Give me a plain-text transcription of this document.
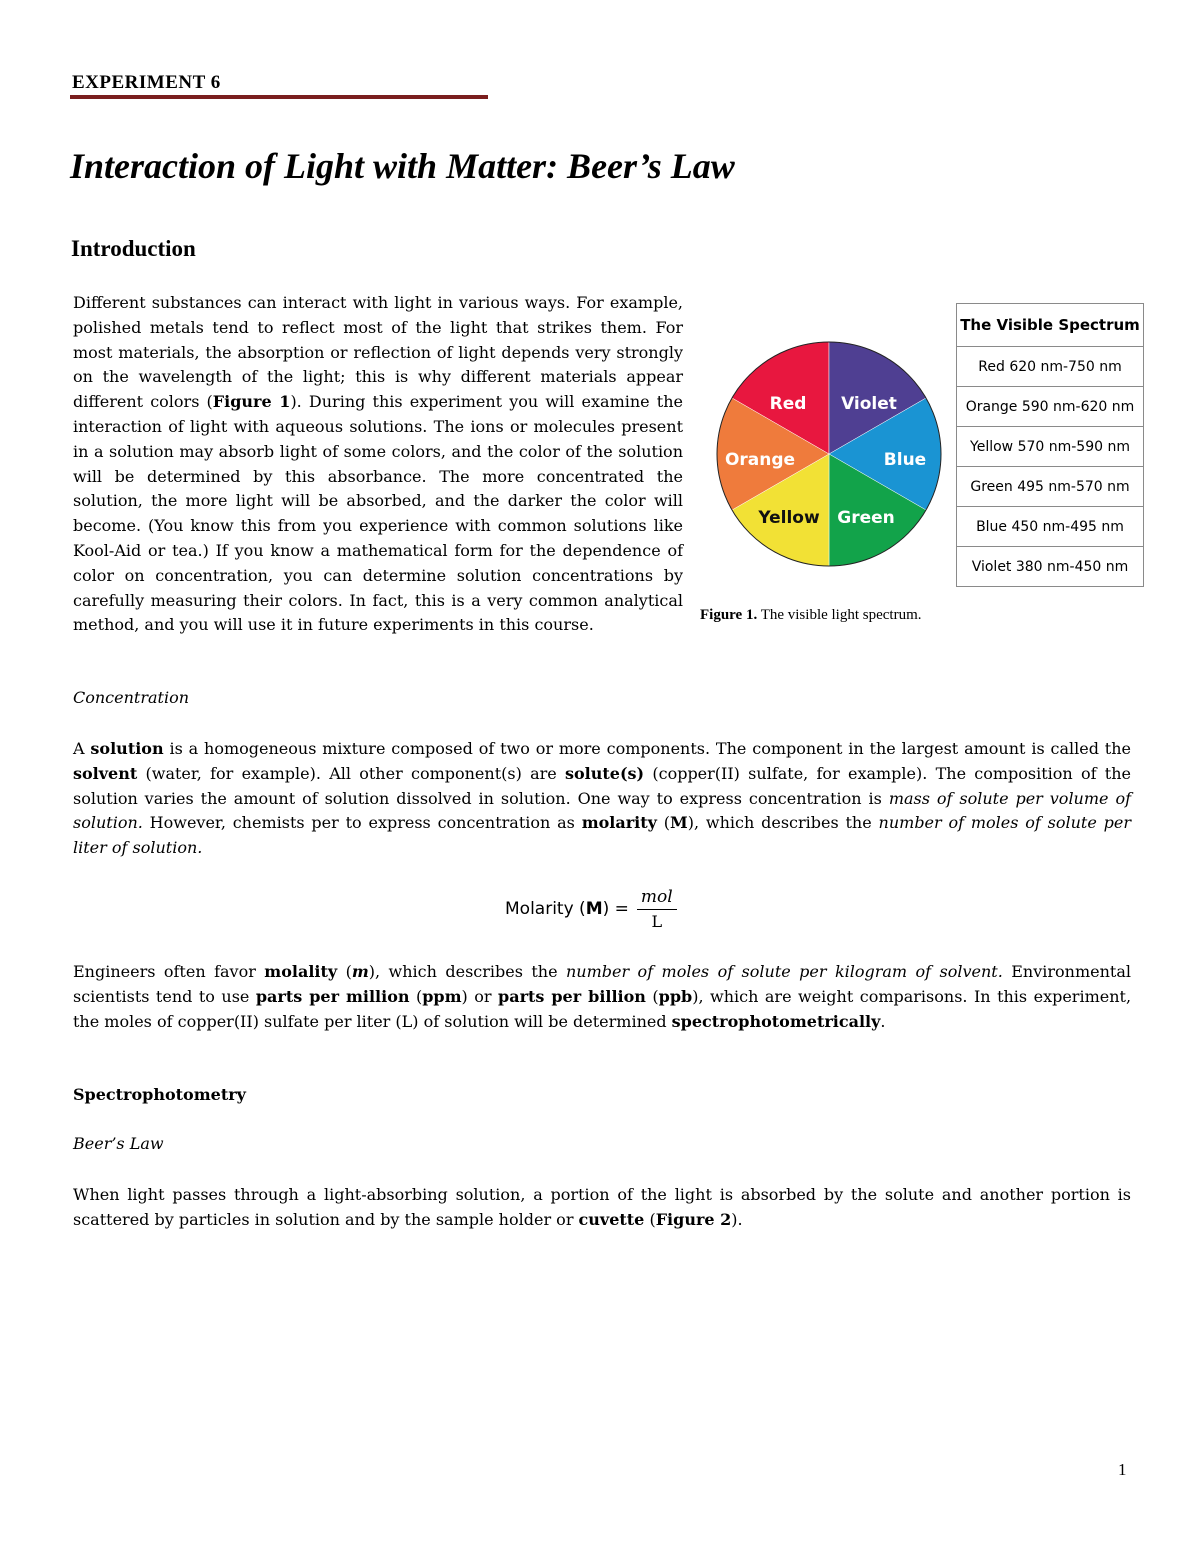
EXPERIMENT 6
Interaction of Light with Matter: Beer’s Law
Introduction

Different substances can interact with light in various ways. For example, polished metals tend to reflect most of the light that strikes them. For most materials, the absorption or reflection of light depends very strongly on the wavelength of the light; this is why different materials appear different colors (Figure 1). During this experiment you will examine the interaction of light with aqueous solutions. The ions or molecules present in a solution may absorb light of some colors, and the color of the solution will be determined by this absorbance. The more concentrated the solution, the more light will be absorbed, and the darker the color will become. (You know this from you experience with common solutions like Kool-Aid or tea.) If you know a mathematical form for the dependence of color on concentration, you can determine solution concentrations by carefully measuring their colors. In fact, this is a very common analytical method, and you will use it in future experiments in this course.

Red Violet
Blue
Green
Yellow
Orange
The Visible Spectrum
Red 620 nm-750 nm
Orange 590 nm-620 nm
Yellow 570 nm-590 nm
Green 495 nm-570 nm
Blue 450 nm-495 nm
Violet 380 nm-450 nm
Figure 1. The visible light spectrum.
Concentration

A solution is a homogeneous mixture composed of two or more components. The component in the largest amount is called the solvent (water, for example). All other component(s) are solute(s) (copper(II) sulfate, for example). The composition of the solution varies the amount of solution dissolved in solution. One way to express concentration is mass of solute per volume of solution. However, chemists per to express concentration as molarity (M), which describes the number of moles of solute per liter of solution.

Molarity $(M) = \frac{\text{mol}}{L}$

Engineers often favor molality (m), which describes the number of moles of solute per kilogram of solvent. Environmental scientists tend to use parts per million (ppm) or parts per billion (ppb), which are weight comparisons. In this experiment, the moles of copper(II) sulfate per liter (L) of solution will be determined spectrophotometrically.

Spectrophotometry
Beer’s Law

When light passes through a light-absorbing solution, a portion of the light is absorbed by the solute and another portion is scattered by particles in solution and by the sample holder or cuvette (Figure 2).

1
